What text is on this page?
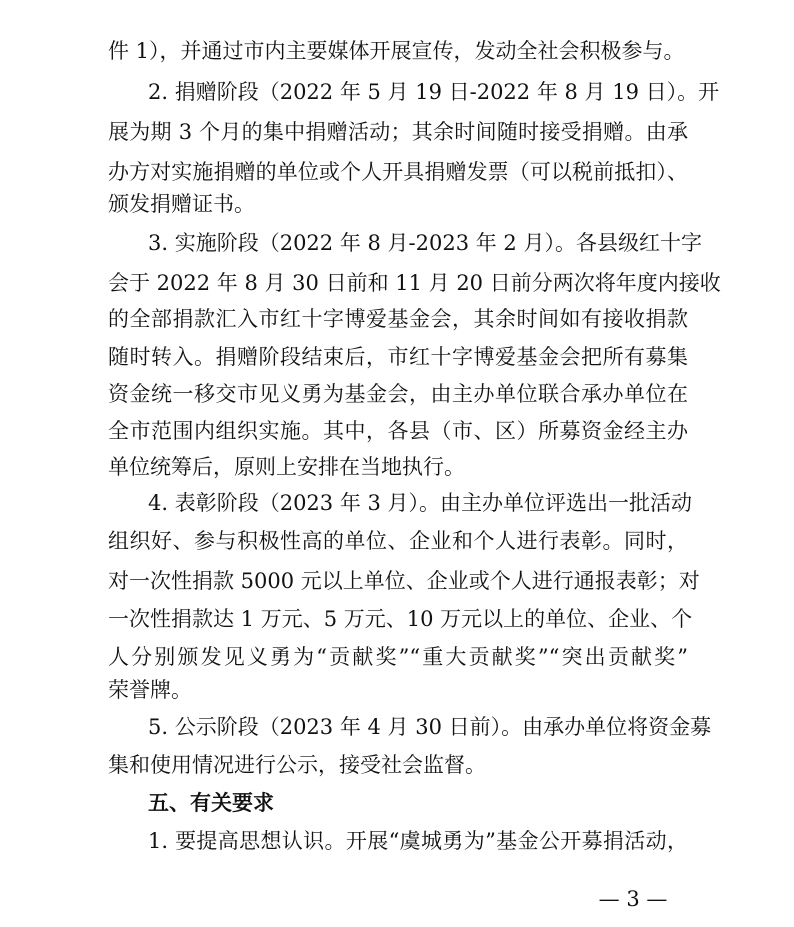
件 1），并通过市内主要媒体开展宣传，发动全社会积极参与。
2. 捐赠阶段（2022 年 5 月 19 日-2022 年 8 月 19 日）。开
展为期 3 个月的集中捐赠活动；其余时间随时接受捐赠。由承
办方对实施捐赠的单位或个人开具捐赠发票（可以税前抵扣）、
颁发捐赠证书。
3. 实施阶段（2022 年 8 月-2023 年 2 月）。各县级红十字
会于 2022 年 8 月 30 日前和 11 月 20 日前分两次将年度内接收
的全部捐款汇入市红十字博爱基金会，其余时间如有接收捐款
随时转入。捐赠阶段结束后，市红十字博爱基金会把所有募集
资金统一移交市见义勇为基金会，由主办单位联合承办单位在
全市范围内组织实施。其中，各县（市、区）所募资金经主办
单位统筹后，原则上安排在当地执行。
4. 表彰阶段（2023 年 3 月）。由主办单位评选出一批活动
组织好、参与积极性高的单位、企业和个人进行表彰。同时，
对一次性捐款 5000 元以上单位、企业或个人进行通报表彰；对
一次性捐款达 1 万元、5 万元、10 万元以上的单位、企业、个
人分别颁发见义勇为“贡献奖”“重大贡献奖”“突出贡献奖”
荣誉牌。
5. 公示阶段（2023 年 4 月 30 日前）。由承办单位将资金募
集和使用情况进行公示，接受社会监督。
五、有关要求
1. 要提高思想认识。开展“虞城勇为”基金公开募捐活动，
— 3 —
